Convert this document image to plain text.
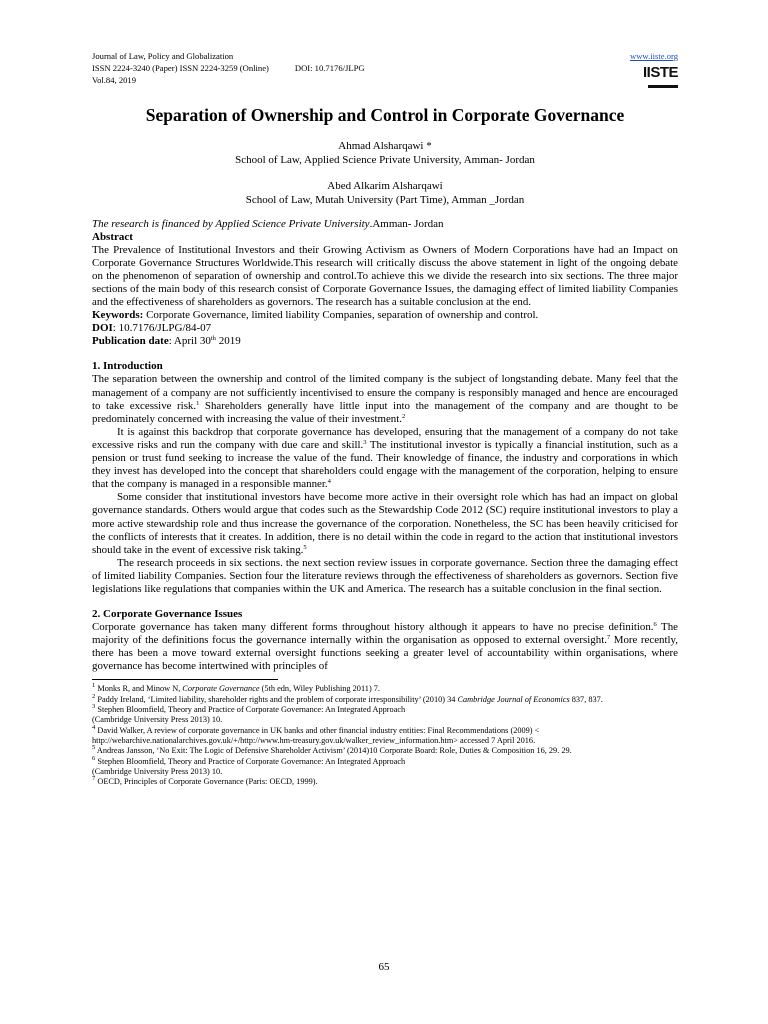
Journal of Law, Policy and Globalization
ISSN 2224-3240 (Paper) ISSN 2224-3259 (Online)	DOI: 10.7176/JLPG
Vol.84, 2019
www.iiste.org
IISTE
Separation of Ownership and Control in Corporate Governance
Ahmad Alsharqawi *
School of Law, Applied Science Private University, Amman- Jordan
Abed Alkarim Alsharqawi
School of Law, Mutah University (Part Time), Amman _Jordan
The research is financed by Applied Science Private University.Amman- Jordan
Abstract

The Prevalence of Institutional Investors and their Growing Activism as Owners of Modern Corporations have had an Impact on Corporate Governance Structures Worldwide.This research will critically discuss the above statement in light of the ongoing debate on the phenomenon of separation of ownership and control.To achieve this we divide the research into six sections. The three major sections of the main body of this research consist of Corporate Governance Issues, the damaging effect of limited liability Companies and the effectiveness of shareholders as governors. The research has a suitable conclusion at the end.

Keywords: Corporate Governance, limited liability Companies, separation of ownership and control.
DOI: 10.7176/JLPG/84-07
Publication date: April 30th 2019
1. Introduction

The separation between the ownership and control of the limited company is the subject of longstanding debate. Many feel that the management of a company are not sufficiently incentivised to ensure the company is responsibly managed and hence are encouraged to take excessive risk.$^1$ Shareholders generally have little input into the management of the company and are thought to be predominately concerned with increasing the value of their investment.$^2$

It is against this backdrop that corporate governance has developed, ensuring that the management of a company do not take excessive risks and run the company with due care and skill.$^3$ The institutional investor is typically a financial institution, such as a pension or trust fund seeking to increase the value of the fund. Their knowledge of finance, the industry and corporations in which they invest has developed into the concept that shareholders could engage with the management of the corporation, helping to ensure that the company is managed in a responsible manner.$^4$

Some consider that institutional investors have become more active in their oversight role which has had an impact on global governance standards. Others would argue that codes such as the Stewardship Code 2012 (SC) require institutional investors to play a more active stewardship role and thus increase the governance of the corporation. Nonetheless, the SC has been heavily criticised for the conflicts of interests that it creates. In addition, there is no detail within the code in regard to the action that institutional investors should take in the event of excessive risk taking.$^5$

The research proceeds in six sections. the next section review issues in corporate governance. Section three the damaging effect of limited liability Companies. Section four the literature reviews through the effectiveness of shareholders as governors. Section five legislations like regulations that companies within the UK and America. The research has a suitable conclusion in the final section.

2. Corporate Governance Issues

Corporate governance has taken many different forms throughout history although it appears to have no precise definition.$^6$ The majority of the definitions focus the governance internally within the organisation as opposed to external oversight.$^7$ More recently, there has been a move toward external oversight functions seeking a greater level of accountability within organisations, where governance has become intertwined with principles of

$^1$ Monks R, and Minow N, Corporate Governance (5th edn, Wiley Publishing 2011) 7.
$^2$ Paddy Ireland, ‘Limited liability, shareholder rights and the problem of corporate irresponsibility’ (2010) 34 Cambridge Journal of Economics 837, 837.
$^3$ Stephen Bloomfield, Theory and Practice of Corporate Governance: An Integrated Approach
(Cambridge University Press 2013) 10.
$^4$ David Walker, A review of corporate governance in UK banks and other financial industry entities: Final Recommendations (2009) < http://webarchive.nationalarchives.gov.uk/+/http://www.hm-treasury.gov.uk/walker_review_information.htm> accessed 7 April 2016.
$^5$ Andreas Jansson, ‘No Exit: The Logic of Defensive Shareholder Activism’ (2014)10 Corporate Board: Role, Duties & Composition 16, 29. 29.
$^6$ Stephen Bloomfield, Theory and Practice of Corporate Governance: An Integrated Approach
(Cambridge University Press 2013) 10.
$^7$ OECD, Principles of Corporate Governance (Paris: OECD, 1999).
65
